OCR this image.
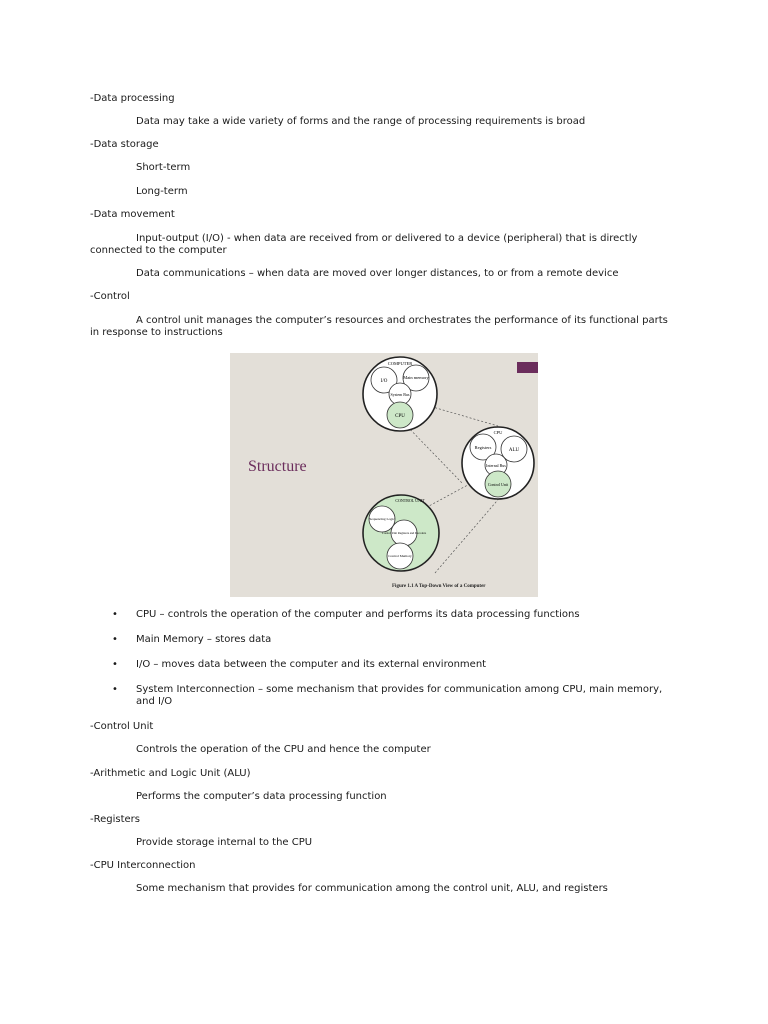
-Data processing

Data may take a wide variety of forms and the range of processing requirements is broad

-Data storage

Short-term

Long-term

-Data movement

Input-output (I/O) - when data are received from or delivered to a device (peripheral) that is directly connected to the computer

Data communications – when data are moved over longer distances, to or from a remote device

-Control

A control unit manages the computer’s resources and orchestrates the performance of its functional parts in response to instructions

Structure
COMPUTER
I/O
Main memory
System Bus
CPU
CPU
Registers
ALU
Internal Bus
Control Unit
CONTROL UNIT
Sequencing Logic
Control Unit Registers and Decoders
Control Memory
Figure 1.1 A Top-Down View of a Computer
• CPU – controls the operation of the computer and performs its data processing functions
• Main Memory – stores data
• I/O – moves data between the computer and its external environment
• System Interconnection – some mechanism that provides for communication among CPU, main memory, and I/O

-Control Unit

Controls the operation of the CPU and hence the computer

-Arithmetic and Logic Unit (ALU)

Performs the computer’s data processing function

-Registers

Provide storage internal to the CPU

-CPU Interconnection

Some mechanism that provides for communication among the control unit, ALU, and registers
